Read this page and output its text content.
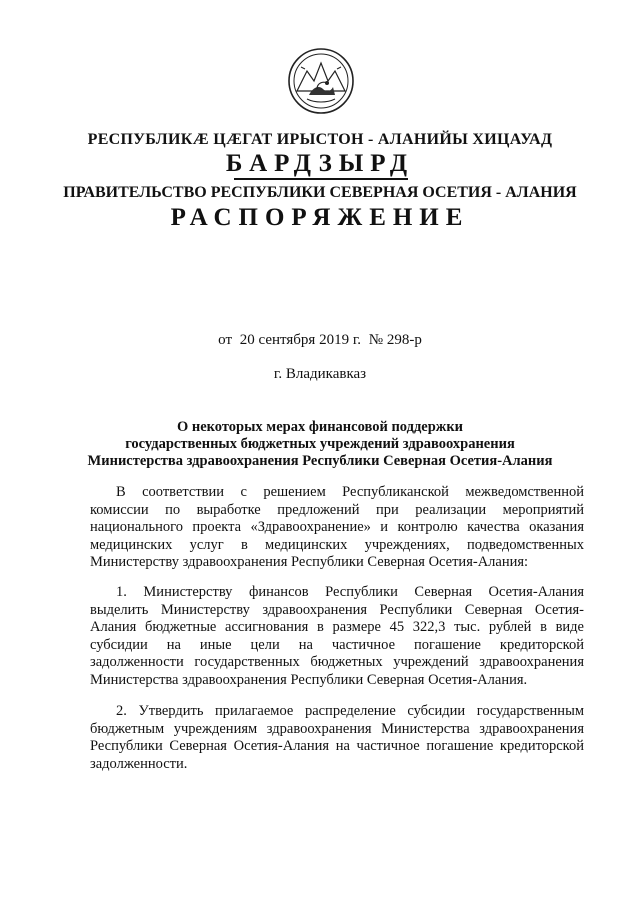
РЕСПУБЛИКӔ ЦӔГАТ ИРЫСТОН - АЛАНИЙЫ ХИЦАУАД
БАРДЗЫРД
ПРАВИТЕЛЬСТВО РЕСПУБЛИКИ СЕВЕРНАЯ ОСЕТИЯ - АЛАНИЯ
РАСПОРЯЖЕНИЕ
от 20 сентября 2019 г. № 298-р
г. Владикавказ
О некоторых мерах финансовой поддержки
государственных бюджетных учреждений здравоохранения
Министерства здравоохранения Республики Северная Осетия-Алания
В соответствии с решением Республиканской межведомственной
комиссии по выработке предложений при реализации мероприятий
национального проекта «Здравоохранение» и контролю качества оказания
медицинских услуг в медицинских учреждениях, подведомственных
Министерству здравоохранения Республики Северная Осетия-Алания:
1. Министерству финансов Республики Северная Осетия-Алания
выделить Министерству здравоохранения Республики Северная Осетия-
Алания бюджетные ассигнования в размере 45 322,3 тыс. рублей в виде
субсидии на иные цели на частичное погашение кредиторской
задолженности государственных бюджетных учреждений здравоохранения
Министерства здравоохранения Республики Северная Осетия-Алания.
2. Утвердить прилагаемое распределение субсидии государственным
бюджетным учреждениям здравоохранения Министерства здравоохранения
Республики Северная Осетия-Алания на частичное погашение кредиторской
задолженности.
